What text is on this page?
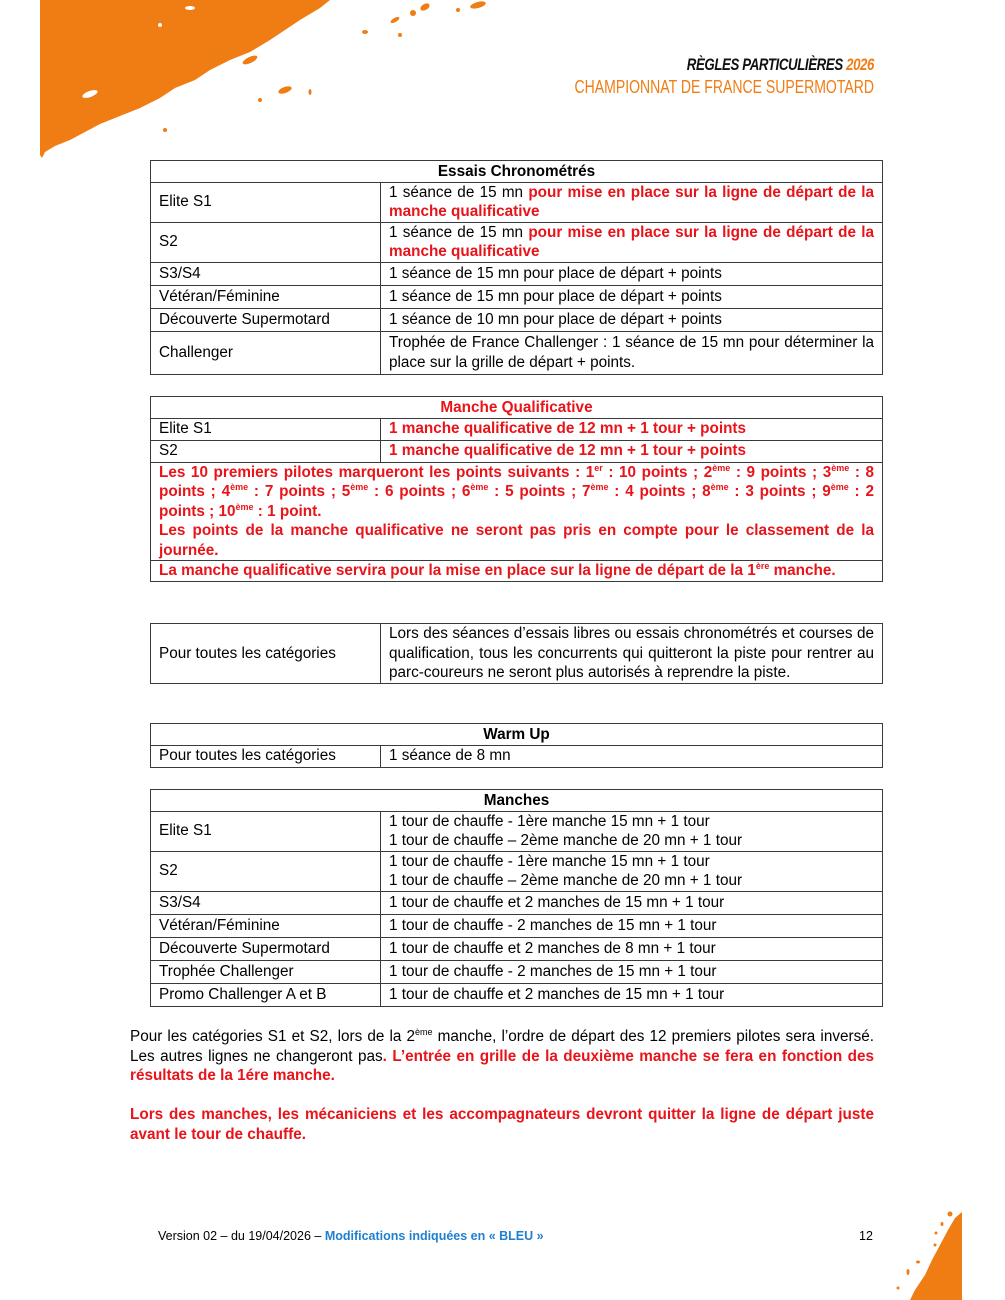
RÈGLES PARTICULIÈRES 2026
CHAMPIONNAT DE FRANCE SUPERMOTARD
Essais Chronométrés	
Elite S1	1 séance de 15 mn pour mise en place sur la ligne de départ de la manche qualificative
S2	1 séance de 15 mn pour mise en place sur la ligne de départ de la manche qualificative
S3/S4	1 séance de 15 mn pour place de départ + points
Vétéran/Féminine	1 séance de 15 mn pour place de départ + points
Découverte Supermotard	1 séance de 10 mn pour place de départ + points
Challenger	Trophée de France Challenger : 1 séance de 15 mn pour déterminer la place sur la grille de départ + points.
Manche Qualificative	
Elite S1	1 manche qualificative de 12 mn + 1 tour + points
S2	1 manche qualificative de 12 mn + 1 tour + points
Les 10 premiers pilotes marqueront les points suivants : 1er : 10 points ; 2ème : 9 points ; 3ème : 8 points ; 4ème : 7 points ; 5ème : 6 points ; 6ème : 5 points ; 7ème : 4 points ; 8ème : 3 points ; 9ème : 2 points ; 10ème : 1 point.
Les points de la manche qualificative ne seront pas pris en compte pour le classement de la journée.	

La manche qualificative servira pour la mise en place sur la ligne de départ de la 1ère manche.	
Pour toutes les catégories	Lors des séances d’essais libres ou essais chronométrés et courses de qualification, tous les concurrents qui quitteront la piste pour rentrer au parc-coureurs ne seront plus autorisés à reprendre la piste.
Warm Up
Pour toutes les catégories	1 séance de 8 mn
Manches	
Elite S1	1 tour de chauffe - 1ère manche 15 mn + 1 tour
1 tour de chauffe – 2ème manche de 20 mn + 1 tour

S2	1 tour de chauffe - 1ère manche 15 mn + 1 tour
1 tour de chauffe – 2ème manche de 20 mn + 1 tour

S3/S4	1 tour de chauffe et 2 manches de 15 mn + 1 tour
Vétéran/Féminine	1 tour de chauffe - 2 manches de 15 mn + 1 tour
Découverte Supermotard	1 tour de chauffe et 2 manches de 8 mn + 1 tour
Trophée Challenger	1 tour de chauffe - 2 manches de 15 mn + 1 tour
Promo Challenger A et B	1 tour de chauffe et 2 manches de 15 mn + 1 tour
Pour les catégories S1 et S2, lors de la 2ème manche, l’ordre de départ des 12 premiers pilotes sera inversé. Les autres lignes ne changeront pas. L’entrée en grille de la deuxième manche se fera en fonction des résultats de la 1ére manche.
Lors des manches, les mécaniciens et les accompagnateurs devront quitter la ligne de départ juste avant le tour de chauffe.
Version 02 – du 19/04/2026 – Modifications indiquées en « BLEU »	12
